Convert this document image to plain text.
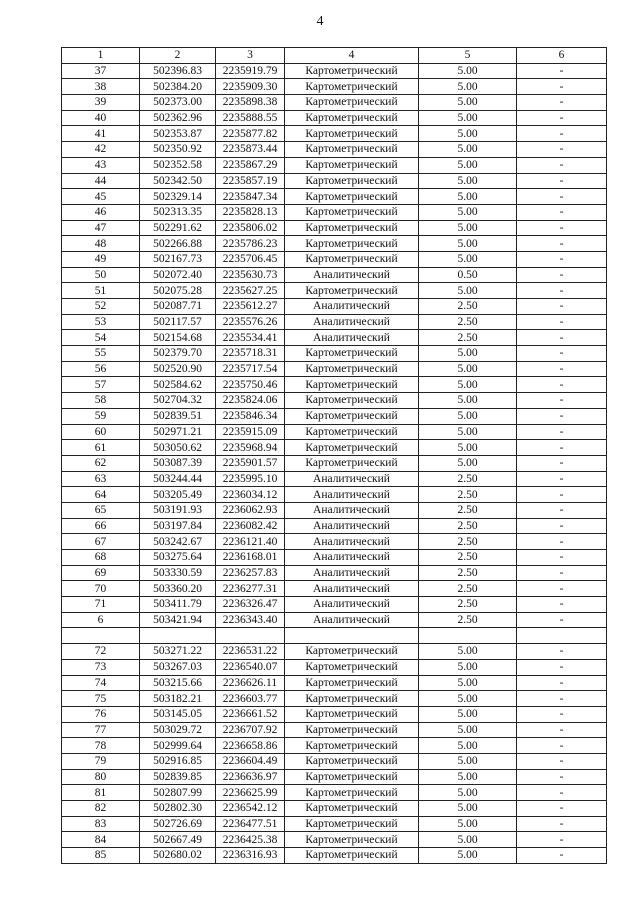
4
1	2	3	4	5	6
37	502396.83	2235919.79	Картометрический	5.00	-
38	502384.20	2235909.30	Картометрический	5.00	-
39	502373.00	2235898.38	Картометрический	5.00	-
40	502362.96	2235888.55	Картометрический	5.00	-
41	502353.87	2235877.82	Картометрический	5.00	-
42	502350.92	2235873.44	Картометрический	5.00	-
43	502352.58	2235867.29	Картометрический	5.00	-
44	502342.50	2235857.19	Картометрический	5.00	-
45	502329.14	2235847.34	Картометрический	5.00	-
46	502313.35	2235828.13	Картометрический	5.00	-
47	502291.62	2235806.02	Картометрический	5.00	-
48	502266.88	2235786.23	Картометрический	5.00	-
49	502167.73	2235706.45	Картометрический	5.00	-
50	502072.40	2235630.73	Аналитический	0.50	-
51	502075.28	2235627.25	Картометрический	5.00	-
52	502087.71	2235612.27	Аналитический	2.50	-
53	502117.57	2235576.26	Аналитический	2.50	-
54	502154.68	2235534.41	Аналитический	2.50	-
55	502379.70	2235718.31	Картометрический	5.00	-
56	502520.90	2235717.54	Картометрический	5.00	-
57	502584.62	2235750.46	Картометрический	5.00	-
58	502704.32	2235824.06	Картометрический	5.00	-
59	502839.51	2235846.34	Картометрический	5.00	-
60	502971.21	2235915.09	Картометрический	5.00	-
61	503050.62	2235968.94	Картометрический	5.00	-
62	503087.39	2235901.57	Картометрический	5.00	-
63	503244.44	2235995.10	Аналитический	2.50	-
64	503205.49	2236034.12	Аналитический	2.50	-
65	503191.93	2236062.93	Аналитический	2.50	-
66	503197.84	2236082.42	Аналитический	2.50	-
67	503242.67	2236121.40	Аналитический	2.50	-
68	503275.64	2236168.01	Аналитический	2.50	-
69	503330.59	2236257.83	Аналитический	2.50	-
70	503360.20	2236277.31	Аналитический	2.50	-
71	503411.79	2236326.47	Аналитический	2.50	-
6	503421.94	2236343.40	Аналитический	2.50	-

72	503271.22	2236531.22	Картометрический	5.00	-
73	503267.03	2236540.07	Картометрический	5.00	-
74	503215.66	2236626.11	Картометрический	5.00	-
75	503182.21	2236603.77	Картометрический	5.00	-
76	503145.05	2236661.52	Картометрический	5.00	-
77	503029.72	2236707.92	Картометрический	5.00	-
78	502999.64	2236658.86	Картометрический	5.00	-
79	502916.85	2236604.49	Картометрический	5.00	-
80	502839.85	2236636.97	Картометрический	5.00	-
81	502807.99	2236625.99	Картометрический	5.00	-
82	502802.30	2236542.12	Картометрический	5.00	-
83	502726.69	2236477.51	Картометрический	5.00	-
84	502667.49	2236425.38	Картометрический	5.00	-
85	502680.02	2236316.93	Картометрический	5.00	-
